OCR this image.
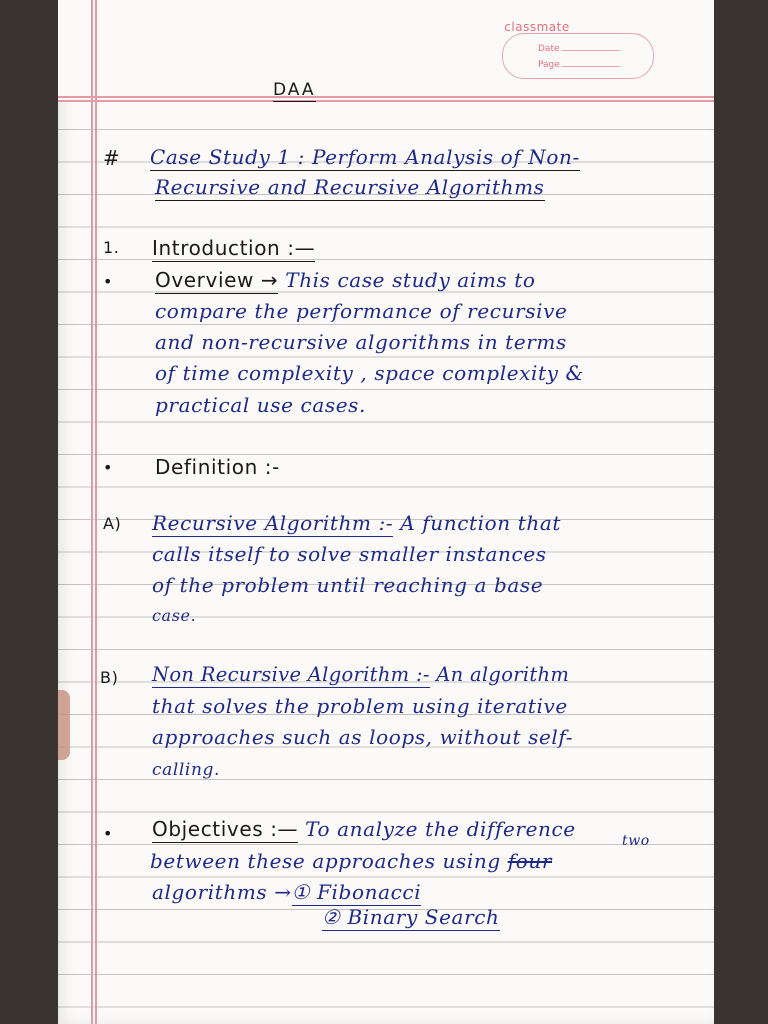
classmate
Date
Page
DAA
# Case Study 1 : Perform Analysis of Non-
Recursive and Recursive Algorithms
1. Introduction :—
• Overview → This case study aims to
compare the performance of recursive
and non-recursive algorithms in terms
of time complexity , space complexity &
practical use cases.
• Definition :-
A) Recursive Algorithm :- A function that
calls itself to solve smaller instances
of the problem until reaching a base
case.
B) Non Recursive Algorithm :- An algorithm
that solves the problem using iterative
approaches such as loops, without self-
calling.
• Objectives :— To analyze the difference	two
between these approaches using four
algorithms →① Fibonacci
② Binary Search
